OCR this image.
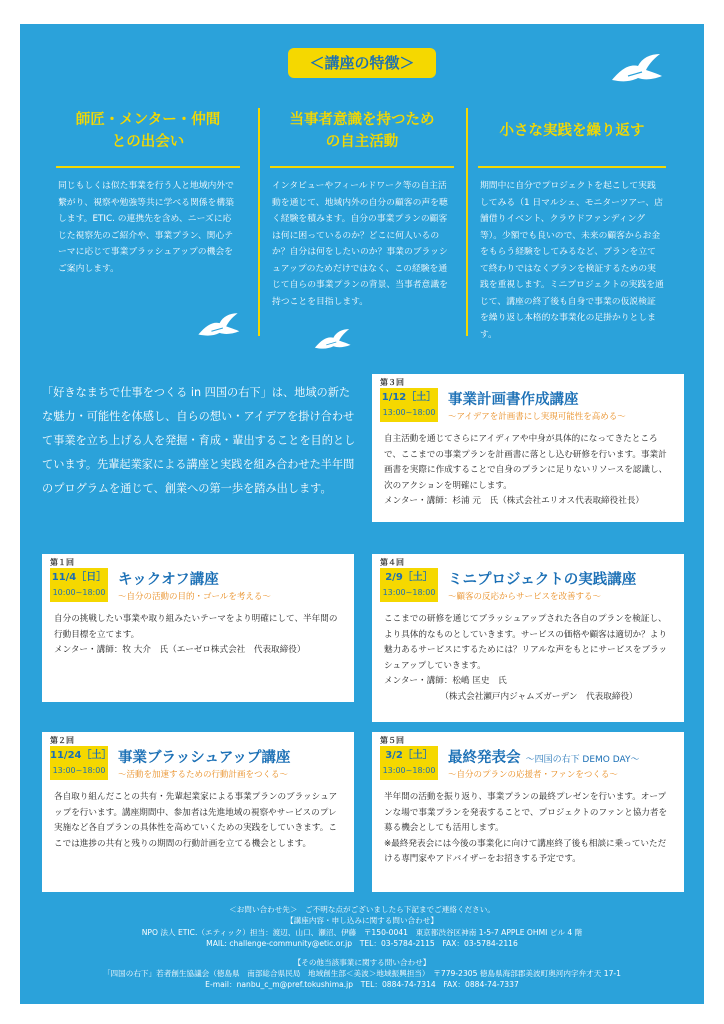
＜講座の特徴＞
師匠・メンター・仲間
との出会い
同じもしくは似た事業を行う人と地域内外で繋がり、視察や勉強等共に学べる関係を構築します。ETIC. の連携先を含め、ニーズに応じた視察先のご紹介や、事業プラン、関心テーマに応じて事業ブラッシュアップの機会をご案内します。
当事者意識を持つため
の自主活動
インタビューやフィールドワーク等の自主活動を通じて、地域内外の自分の顧客の声を聴く経験を積みます。自分の事業プランの顧客は何に困っているのか？どこに何人いるのか？自分は何をしたいのか？事業のブラッシュアップのためだけではなく、この経験を通じて自らの事業プランの背景、当事者意識を持つことを目指します。
小さな実践を繰り返す
期間中に自分でプロジェクトを起こして実践してみる（1 日マルシェ、モニターツアー、店舗借りイベント、クラウドファンディング等）。少額でも良いので、未来の顧客からお金をもらう経験をしてみるなど、プランを立てて終わりではなくプランを検証するための実践を重視します。ミニプロジェクトの実践を通じて、講座の終了後も自身で事業の仮説検証を繰り返し本格的な事業化の足掛かりとします。
「好きなまちで仕事をつくる in 四国の右下」は、地域の新たな魅力・可能性を体感し、自らの想い・アイデアを掛け合わせて事業を立ち上げる人を発掘・育成・輩出することを目的としています。先輩起業家による講座と実践を組み合わせた半年間のプログラムを通じて、創業への第一歩を踏み出します。
第３回
1/12［土］
13:00~18:00
事業計画書作成講座
～アイデアを計画書にし実現可能性を高める～

自主活動を通じてさらにアイディアや中身が具体的になってきたところで、ここまでの事業プランを計画書に落とし込む研修を行います。事業計画書を実際に作成することで自身のプランに足りないリソースを認識し、次のアクションを明確にします。

メンター・講師：杉浦 元　氏（株式会社エリオス代表取締役社長）

第１回
11/4［日］
10:00~18:00
キックオフ講座
～自分の活動の目的・ゴールを考える～

自分の挑戦したい事業や取り組みたいテーマをより明確にして、半年間の行動目標を立てます。

メンター・講師：牧 大介　氏（エーゼロ株式会社　代表取締役）

第４回
2/9［土］
13:00~18:00
ミニプロジェクトの実践講座
～顧客の反応からサービスを改善する～

ここまでの研修を通じてブラッシュアップされた各自のプランを検証し、より具体的なものとしていきます。サービスの価格や顧客は適切か？より魅力あるサービスにするためには？リアルな声をもとにサービスをブラッシュアップしていきます。

メンター・講師：松嶋 匡史　氏

（株式会社瀬戸内ジャムズガーデン　代表取締役）

第２回
11/24［土］
13:00~18:00
事業ブラッシュアップ講座
～活動を加速するための行動計画をつくる～

各自取り組んだことの共有・先輩起業家による事業プランのブラッシュアップを行います。講座期間中、参加者は先進地域の視察やサービスのプレ実施など各自プランの具体性を高めていくための実践をしていきます。ここでは進捗の共有と残りの期間の行動計画を立てる機会とします。

第５回
3/2［土］
13:00~18:00
最終発表会 ～四国の右下 DEMO DAY～
～自分のプランの応援者・ファンをつくる～

半年間の活動を振り返り、事業プランの最終プレゼンを行います。オープンな場で事業プランを発表することで、プロジェクトのファンと協力者を募る機会としても活用します。

※最終発表会には今後の事業化に向けて講座終了後も相談に乗っていただける専門家やアドバイザーをお招きする予定です。

＜お問い合わせ先＞　ご不明な点がございましたら下記までご連絡ください。
【講座内容・申し込みに関する問い合わせ】
NPO 法人 ETIC.（エティック）担当：渡辺、山口、瀬沼、伊藤　〒150-0041　東京都渋谷区神南 1-5-7 APPLE OHMI ビル 4 階
MAIL: challenge-community@etic.or.jp　TEL：03-5784-2115　FAX：03-5784-2116
【その他当該事業に関する問い合わせ】
「四国の右下」若者創生協議会（徳島県　南部総合県民局　地域創生部＜美波＞地域振興担当）　〒779-2305 徳島県海部郡美波町奥河内字弁才天 17-1
E-mail：nanbu_c_m@pref.tokushima.jp　TEL：0884-74-7314　FAX：0884-74-7337
